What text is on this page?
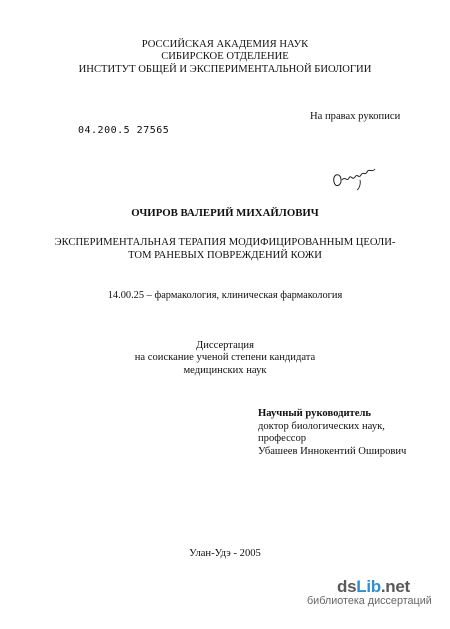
РОССИЙСКАЯ АКАДЕМИЯ НАУК
СИБИРСКОЕ ОТДЕЛЕНИЕ
ИНСТИТУТ ОБЩЕЙ И ЭКСПЕРИМЕНТАЛЬНОЙ БИОЛОГИИ
На правах рукописи
04.200.5 27565
ОЧИРОВ ВАЛЕРИЙ МИХАЙЛОВИЧ
ЭКСПЕРИМЕНТАЛЬНАЯ ТЕРАПИЯ МОДИФИЦИРОВАННЫМ ЦЕОЛИ-
ТОМ РАНЕВЫХ ПОВРЕЖДЕНИЙ КОЖИ
14.00.25 – фармакология, клиническая фармакология
Диссертация
на соискание ученой степени кандидата
медицинских наук
Научный руководитель
доктор биологических наук,
профессор
Убашеев Иннокентий Оширович
Улан-Удэ - 2005
dsLib.net
библиотека диссертаций
